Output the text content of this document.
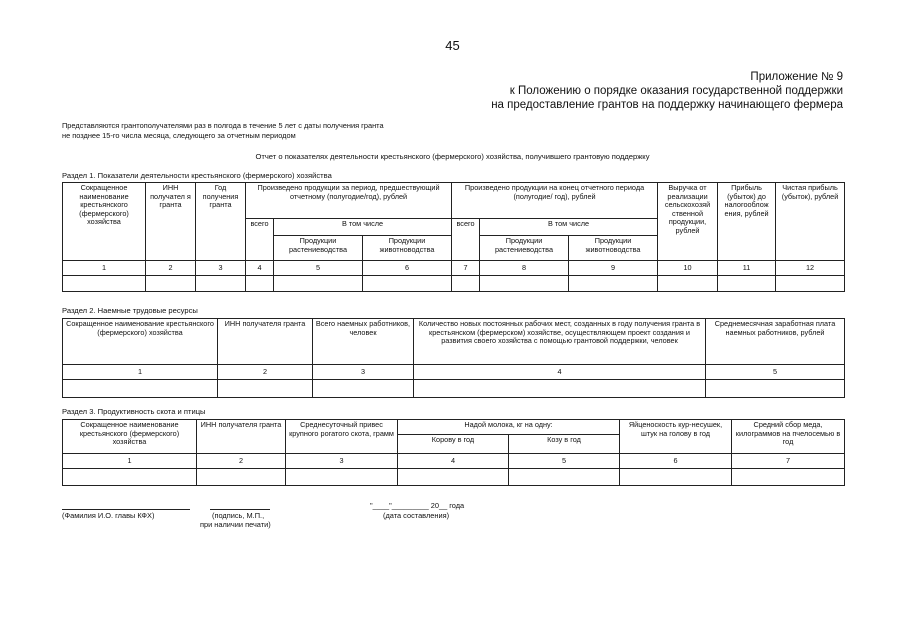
45
Приложение № 9
к Положению о порядке оказания государственной поддержки
на предоставление грантов на поддержку начинающего фермера
Представляются грантополучателями раз в полгода в течение 5 лет с даты получения гранта
не позднее 15-го числа месяца, следующего за отчетным периодом
Отчет о показателях деятельности крестьянского (фермерского) хозяйства, получившего грантовую поддержку
Раздел 1. Показатели деятельности крестьянского (фермерского) хозяйства
Сокращенное наименование крестьянского (фермерского) хозяйства	ИНН получател я гранта	Год получения гранта	Произведено продукции за период, предшествующий отчетному (полугодие/год), рублей			Произведено продукции на конец отчетного периода (полугодие/ год), рублей			Выручка от реализации сельскохозяй ственной продукции, рублей	Прибыль (убыток) до налогооблож ения, рублей	Чистая прибыль (убыток), рублей
			всего	В том числе		всего	В том числе				
				Продукции растениеводства	Продукции животноводства		Продукции растениеводства	Продукции животноводства			
1	2	3	4	5	6	7	8	9	10	11	12

Раздел 2. Наемные трудовые ресурсы
Сокращенное наименование крестьянского (фермерского) хозяйства	ИНН получателя гранта	Всего наемных работников, человек	Количество новых постоянных рабочих мест, созданных в году получения гранта в крестьянском (фермерском) хозяйстве, осуществляющем проект создания и развития своего хозяйства с помощью грантовой поддержки, человек	Среднемесячная заработная плата наемных работников, рублей
1	2	3	4	5

Раздел 3. Продуктивность скота и птицы
Сокращенное наименование крестьянского (фермерского) хозяйства	ИНН получателя гранта	Среднесуточный привес крупного рогатого скота, грамм	Надой молока, кг на одну:		Яйценоскость кур-несушек, штук на голову в год	Средний сбор меда, килограммов на пчелосемью в год
			Корову в год	Козу в год		
1	2	3	4	5	6	7

(Фамилия И.О. главы КФХ)	(подпись, М.П.,
при наличии печати)
"____"_________ 20__ года
(дата составления)
